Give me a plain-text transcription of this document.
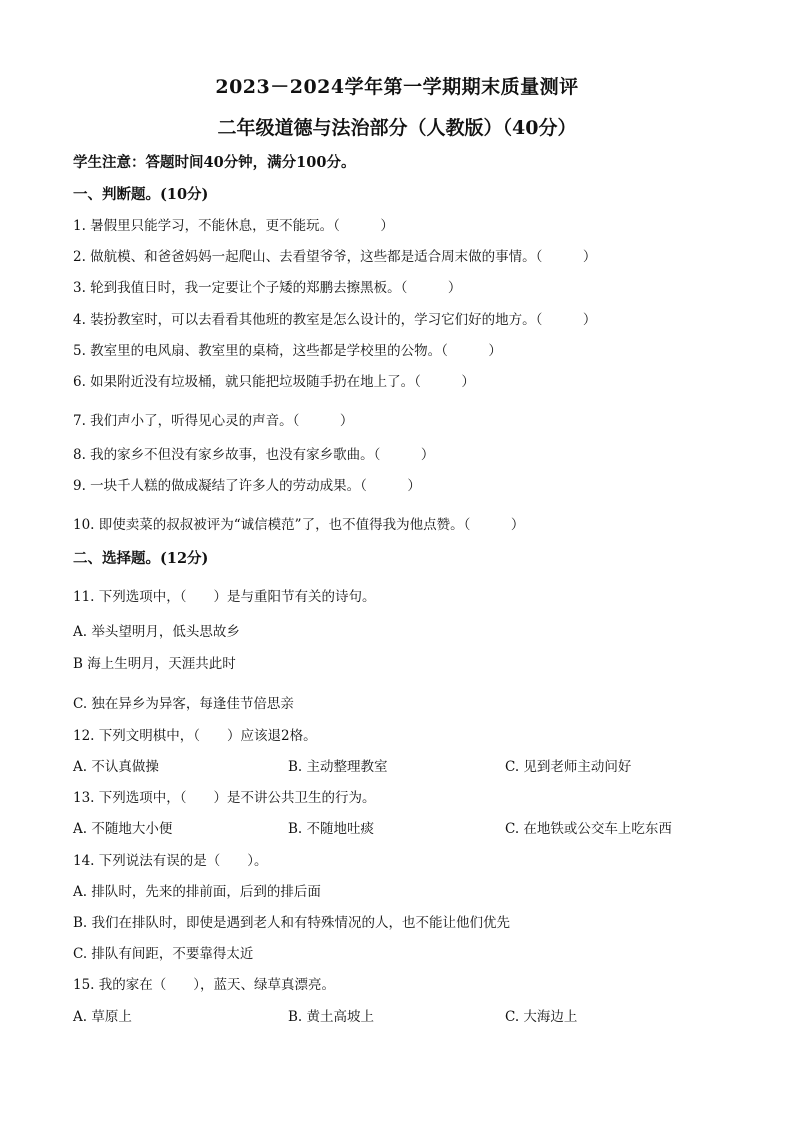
2023－2024学年第一学期期末质量测评
二年级道德与法治部分（人教版）（40分）
学生注意：答题时间40分钟，满分100分。
一、判断题。(10分)
1. 暑假里只能学习，不能休息，更不能玩。（　　　）
2. 做航模、和爸爸妈妈一起爬山、去看望爷爷，这些都是适合周末做的事情。（　　　）
3. 轮到我值日时，我一定要让个子矮的郑鹏去擦黑板。（　　　）
4. 装扮教室时，可以去看看其他班的教室是怎么设计的，学习它们好的地方。（　　　）
5. 教室里的电风扇、教室里的桌椅，这些都是学校里的公物。（　　　）
6. 如果附近没有垃圾桶，就只能把垃圾随手扔在地上了。（　　　）
7. 我们声小了，听得见心灵的声音。（　　　）
8. 我的家乡不但没有家乡故事，也没有家乡歌曲。（　　　）
9. 一块千人糕的做成凝结了许多人的劳动成果。（　　　）
10. 即使卖菜的叔叔被评为“诚信模范”了，也不值得我为他点赞。（　　　）
二、选择题。(12分)
11. 下列选项中，（　　）是与重阳节有关的诗句。
A. 举头望明月，低头思故乡
B 海上生明月，天涯共此时
C. 独在异乡为异客，每逢佳节倍思亲
12. 下列文明棋中，（　　）应该退2格。
A. 不认真做操	B. 主动整理教室	C. 见到老师主动问好
13. 下列选项中，（　　）是不讲公共卫生的行为。
A. 不随地大小便	B. 不随地吐痰	C. 在地铁或公交车上吃东西
14. 下列说法有误的是（　　）。
A. 排队时，先来的排前面，后到的排后面
B. 我们在排队时，即使是遇到老人和有特殊情况的人，也不能让他们优先
C. 排队有间距，不要靠得太近
15. 我的家在（　　），蓝天、绿草真漂亮。
A. 草原上	B. 黄土高坡上	C. 大海边上
